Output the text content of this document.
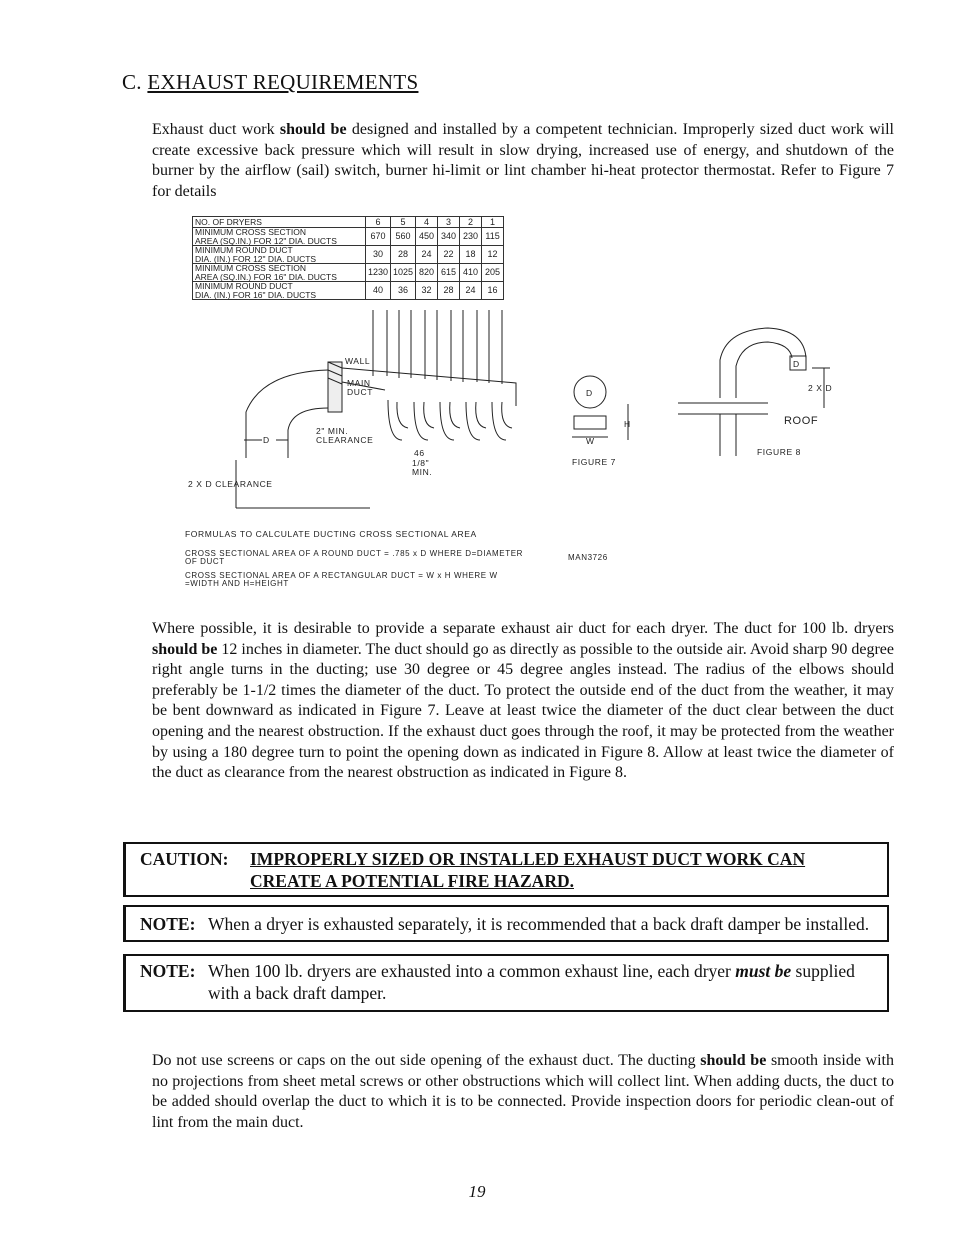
C. EXHAUST REQUIREMENTS
Exhaust duct work should be designed and installed by a competent technician. Improperly sized duct work will create excessive back pressure which will result in slow drying, increased use of energy, and shutdown of the burner by the airflow (sail) switch, burner hi-limit or lint chamber hi-heat protector thermostat. Refer to Figure 7 for details
NO. OF DRYERS	6	5	4	3	2	1
MINIMUM CROSS SECTION
AREA (SQ.IN.) FOR 12" DIA. DUCTS	670	560	450	340	230	115
MINIMUM ROUND DUCT
DIA. (IN.) FOR 12" DIA. DUCTS	30	28	24	22	18	12
MINIMUM CROSS SECTION
AREA (SQ.IN.) FOR 16" DIA. DUCTS	1230	1025	820	615	410	205
MINIMUM ROUND DUCT
DIA. (IN.) FOR 16" DIA. DUCTS	40	36	32	28	24	16
WALL
MAIN
DUCT
2" MIN.
CLEARANCE
D
46
1/8"
MIN.
2 X D CLEARANCE
D
H
W
FIGURE 7
D
2 X D
ROOF
FIGURE 8
FORMULAS TO CALCULATE DUCTING CROSS SECTIONAL AREA
CROSS SECTIONAL AREA OF A ROUND DUCT = .785 x D WHERE D=DIAMETER
OF DUCT
CROSS SECTIONAL AREA OF A RECTANGULAR DUCT = W x H WHERE W
=WIDTH AND H=HEIGHT
MAN3726
Where possible, it is desirable to provide a separate exhaust air duct for each dryer. The duct for 100 lb. dryers should be 12 inches in diameter. The duct should go as directly as possible to the outside air. Avoid sharp 90 degree right angle turns in the ducting; use 30 degree or 45 degree angles instead. The radius of the elbows should preferably be 1-1/2 times the diameter of the duct. To protect the outside end of the duct from the weather, it may be bent downward as indicated in Figure 7. Leave at least twice the diameter of the duct clear between the duct opening and the nearest obstruction. If the exhaust duct goes through the roof, it may be protected from the weather by using a 180 degree turn to point the opening down as indicated in Figure 8. Allow at least twice the diameter of the duct as clearance from the nearest obstruction as indicated in Figure 8.
CAUTION: IMPROPERLY SIZED OR INSTALLED EXHAUST DUCT WORK CAN
CREATE A POTENTIAL FIRE HAZARD.
NOTE: When a dryer is exhausted separately, it is recommended that a back draft damper be installed.
NOTE: When 100 lb. dryers are exhausted into a common exhaust line, each dryer must be supplied
with a back draft damper.
Do not use screens or caps on the out side opening of the exhaust duct. The ducting should be smooth inside with no projections from sheet metal screws or other obstructions which will collect lint. When adding ducts, the duct to be added should overlap the duct to which it is to be connected. Provide inspection doors for periodic clean-out of lint from the main duct.
19
